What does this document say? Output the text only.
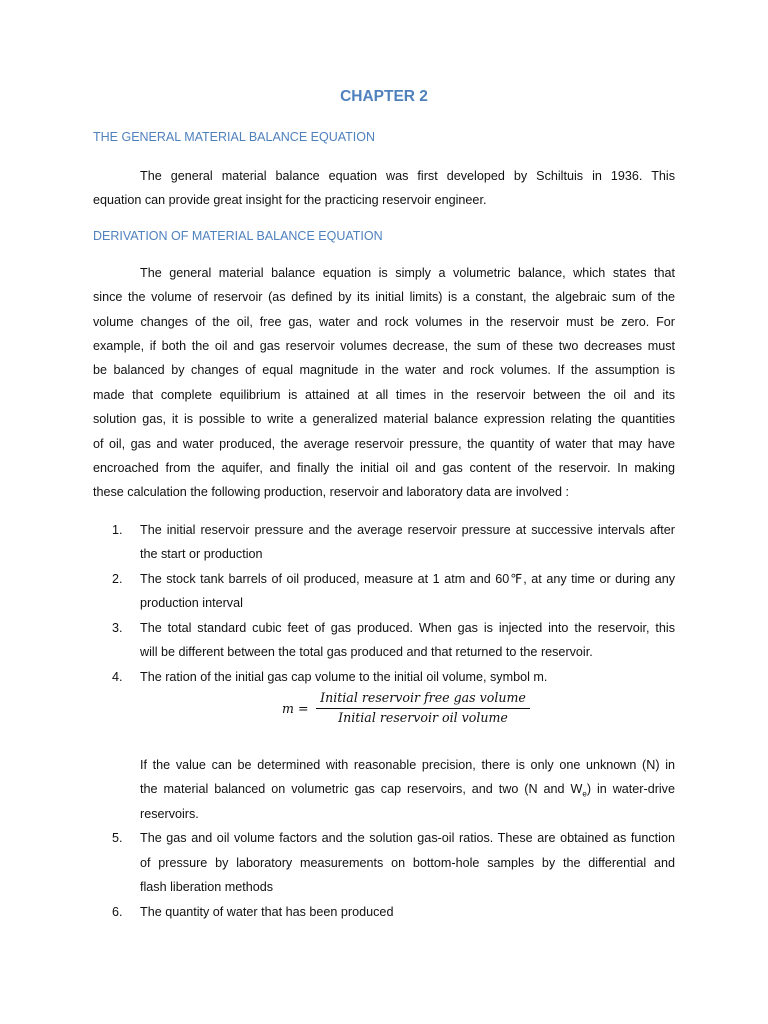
CHAPTER 2
THE GENERAL MATERIAL BALANCE EQUATION
The general material balance equation was first developed by Schiltuis in 1936. This
equation can provide great insight for the practicing reservoir engineer.
DERIVATION OF MATERIAL BALANCE EQUATION
The general material balance equation is simply a volumetric balance, which states that
since the volume of reservoir (as defined by its initial limits) is a constant, the algebraic sum of the
volume changes of the oil, free gas, water and rock volumes in the reservoir must be zero. For
example, if both the oil and gas reservoir volumes decrease, the sum of these two decreases must
be balanced by changes of equal magnitude in the water and rock volumes. If the assumption is
made that complete equilibrium is attained at all times in the reservoir between the oil and its
solution gas, it is possible to write a generalized material balance expression relating the quantities
of oil, gas and water produced, the average reservoir pressure, the quantity of water that may have
encroached from the aquifer, and finally the initial oil and gas content of the reservoir. In making
these calculation the following production, reservoir and laboratory data are involved :
1. The initial reservoir pressure and the average reservoir pressure at successive intervals after
the start or production
2. The stock tank barrels of oil produced, measure at 1 atm and 60℉, at any time or during any
production interval
3. The total standard cubic feet of gas produced. When gas is injected into the reservoir, this
will be different between the total gas produced and that returned to the reservoir.
4. The ration of the initial gas cap volume to the initial oil volume, symbol m.
m =
Initial reservoir free gas volume
Initial reservoir oil volume
If the value can be determined with reasonable precision, there is only one unknown (N) in
the material balanced on volumetric gas cap reservoirs, and two (N and $W_e$) in water-drive
reservoirs.
5. The gas and oil volume factors and the solution gas-oil ratios. These are obtained as function
of pressure by laboratory measurements on bottom-hole samples by the differential and
flash liberation methods
6. The quantity of water that has been produced
